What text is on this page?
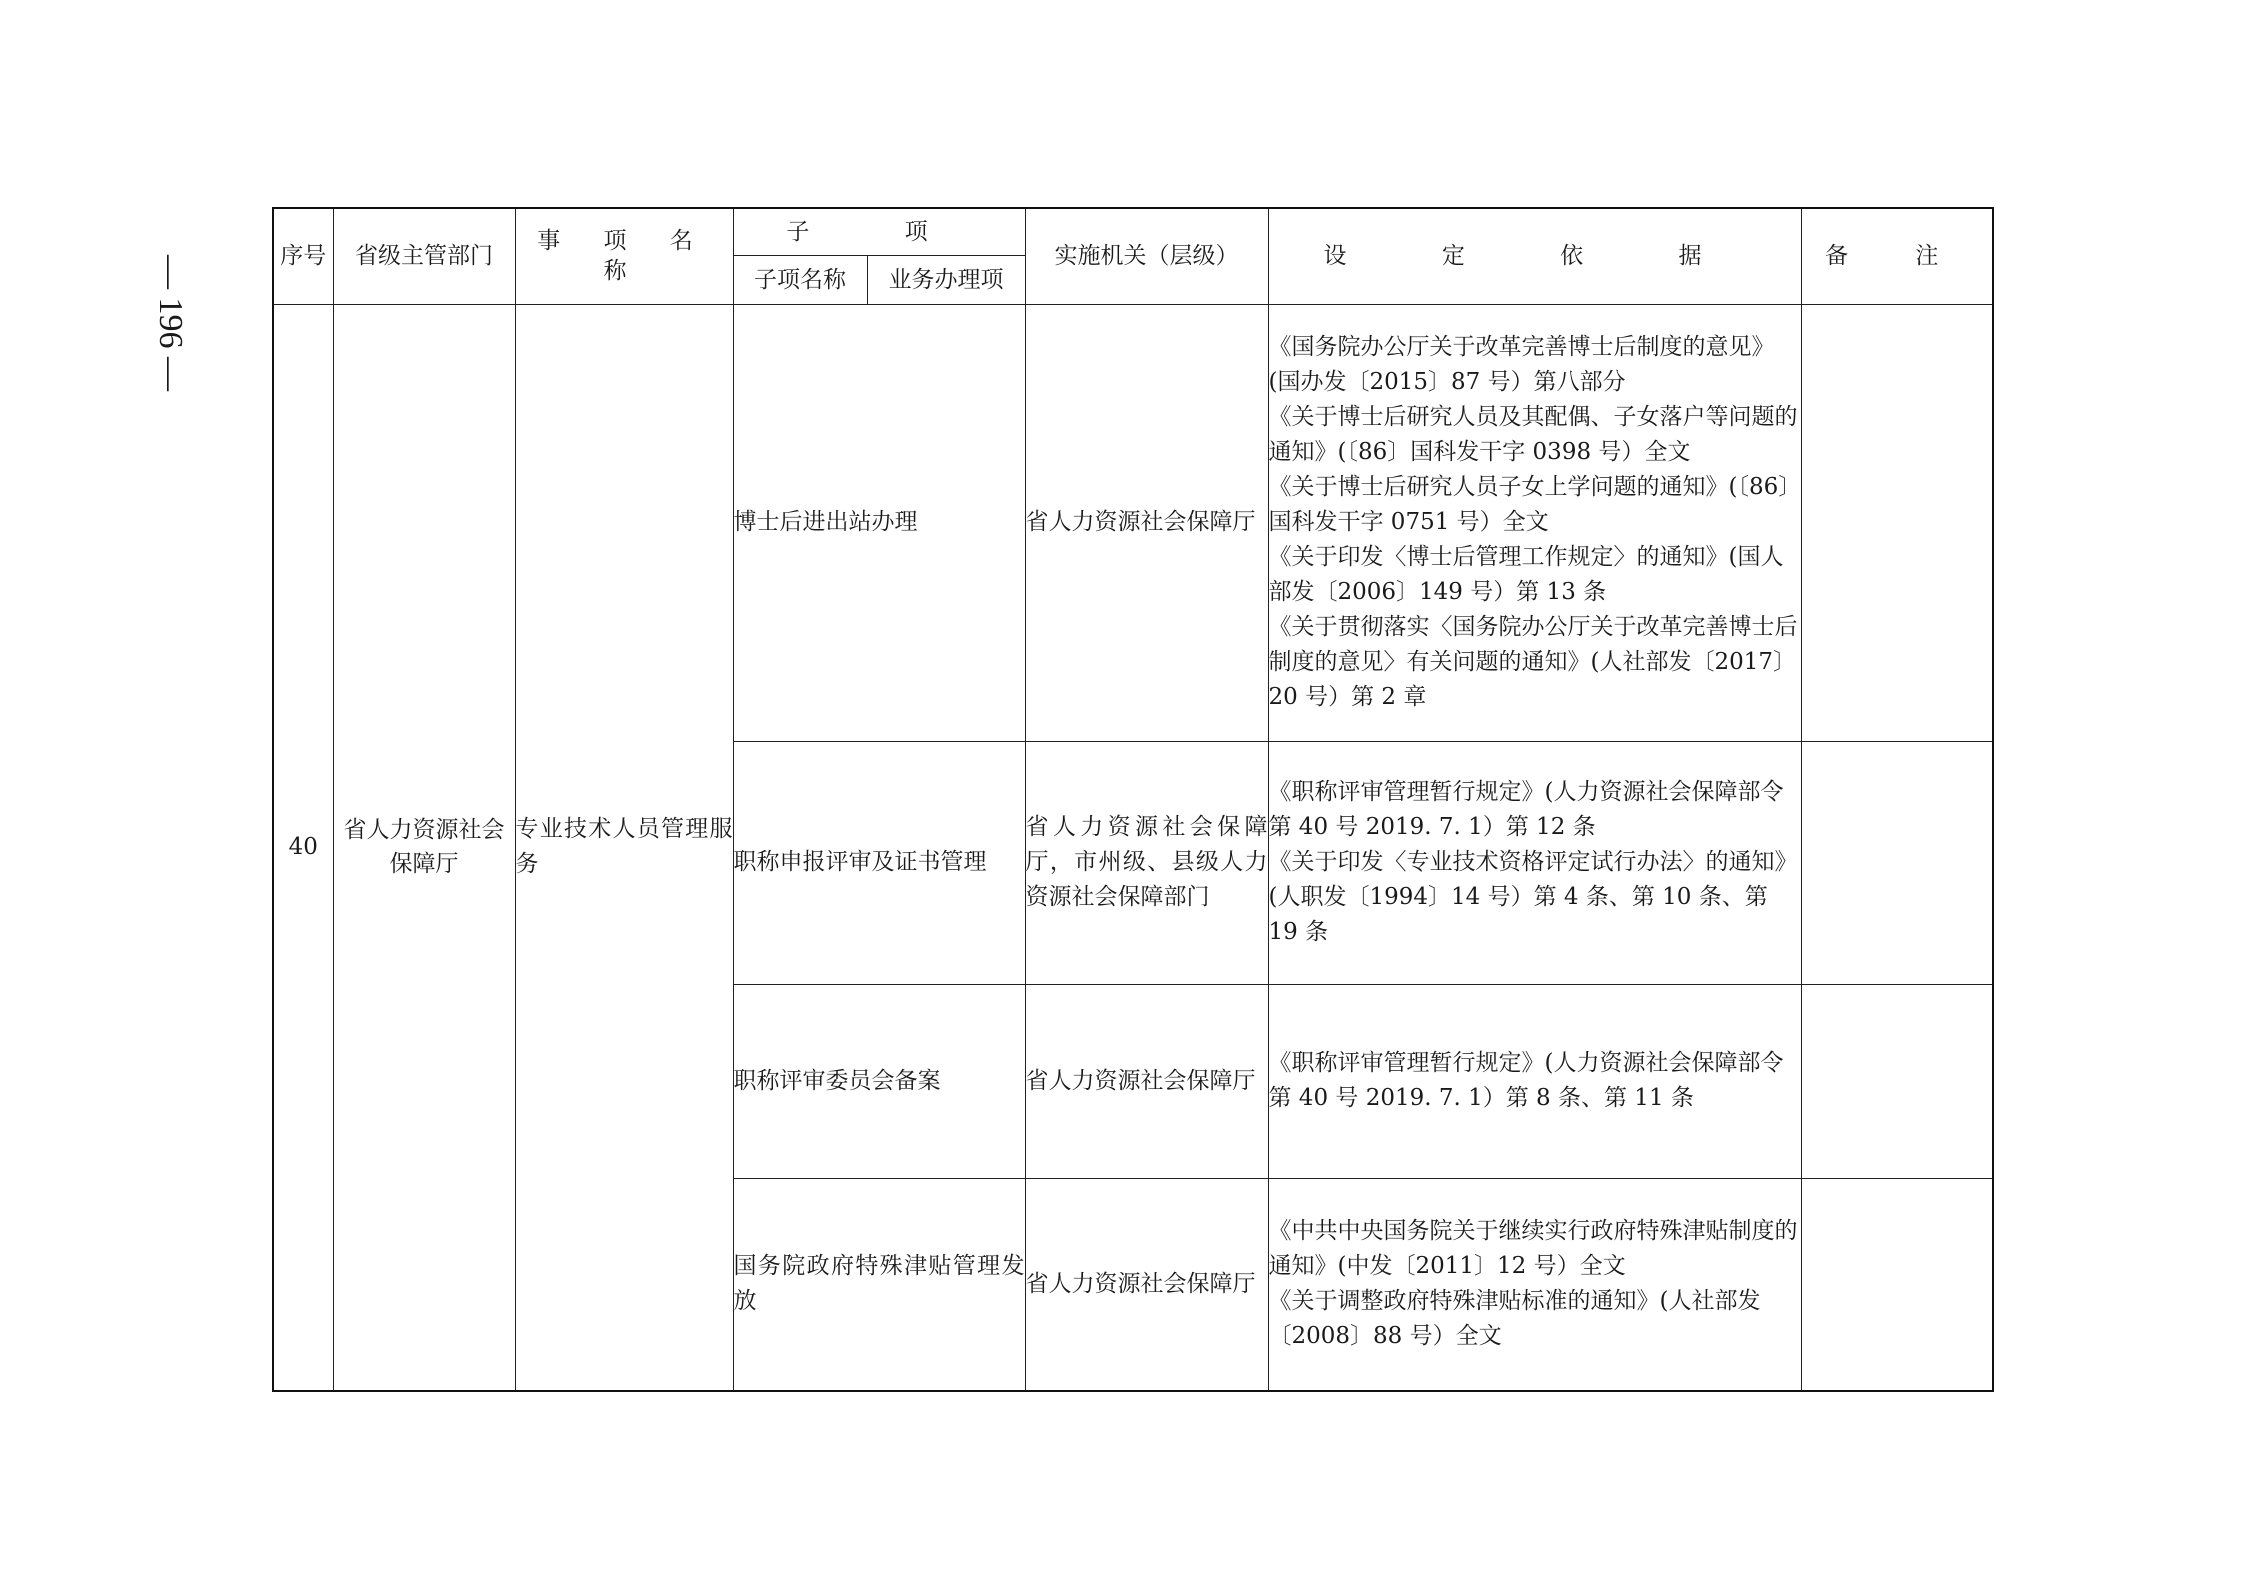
— 196 —	序号	省级主管部门	事 项 名 称	子 项		实施机关（层级）	设 定 依 据	备 注
			子项名称	业务办理项			
40	省人力资源社会保障厅	专业技术人员管理服务	博士后进出站办理		省人力资源社会保障厅	《国务院办公厅关于改革完善博士后制度的意见》(国办发〔2015〕87 号）第八部分
《关于博士后研究人员及其配偶、子女落户等问题的通知》(〔86〕国科发干字 0398 号）全文
《关于博士后研究人员子女上学问题的通知》(〔86〕国科发干字 0751 号）全文
《关于印发〈博士后管理工作规定〉的通知》(国人部发〔2006〕149 号）第 13 条
《关于贯彻落实〈国务院办公厅关于改革完善博士后制度的意见〉有关问题的通知》(人社部发〔2017〕20 号）第 2 章	

			职称申报评审及证书管理		省人力资源社会保障厅，市州级、县级人力资源社会保障部门	《职称评审管理暂行规定》(人力资源社会保障部令第 40 号 2019. 7. 1）第 12 条
《关于印发〈专业技术资格评定试行办法〉的通知》(人职发〔1994〕14 号）第 4 条、第 10 条、第 19 条	

			职称评审委员会备案		省人力资源社会保障厅	《职称评审管理暂行规定》(人力资源社会保障部令第 40 号 2019. 7. 1）第 8 条、第 11 条	

			国务院政府特殊津贴管理发放		省人力资源社会保障厅	《中共中央国务院关于继续实行政府特殊津贴制度的通知》(中发〔2011〕12 号）全文
《关于调整政府特殊津贴标准的通知》(人社部发〔2008〕88 号）全文	
